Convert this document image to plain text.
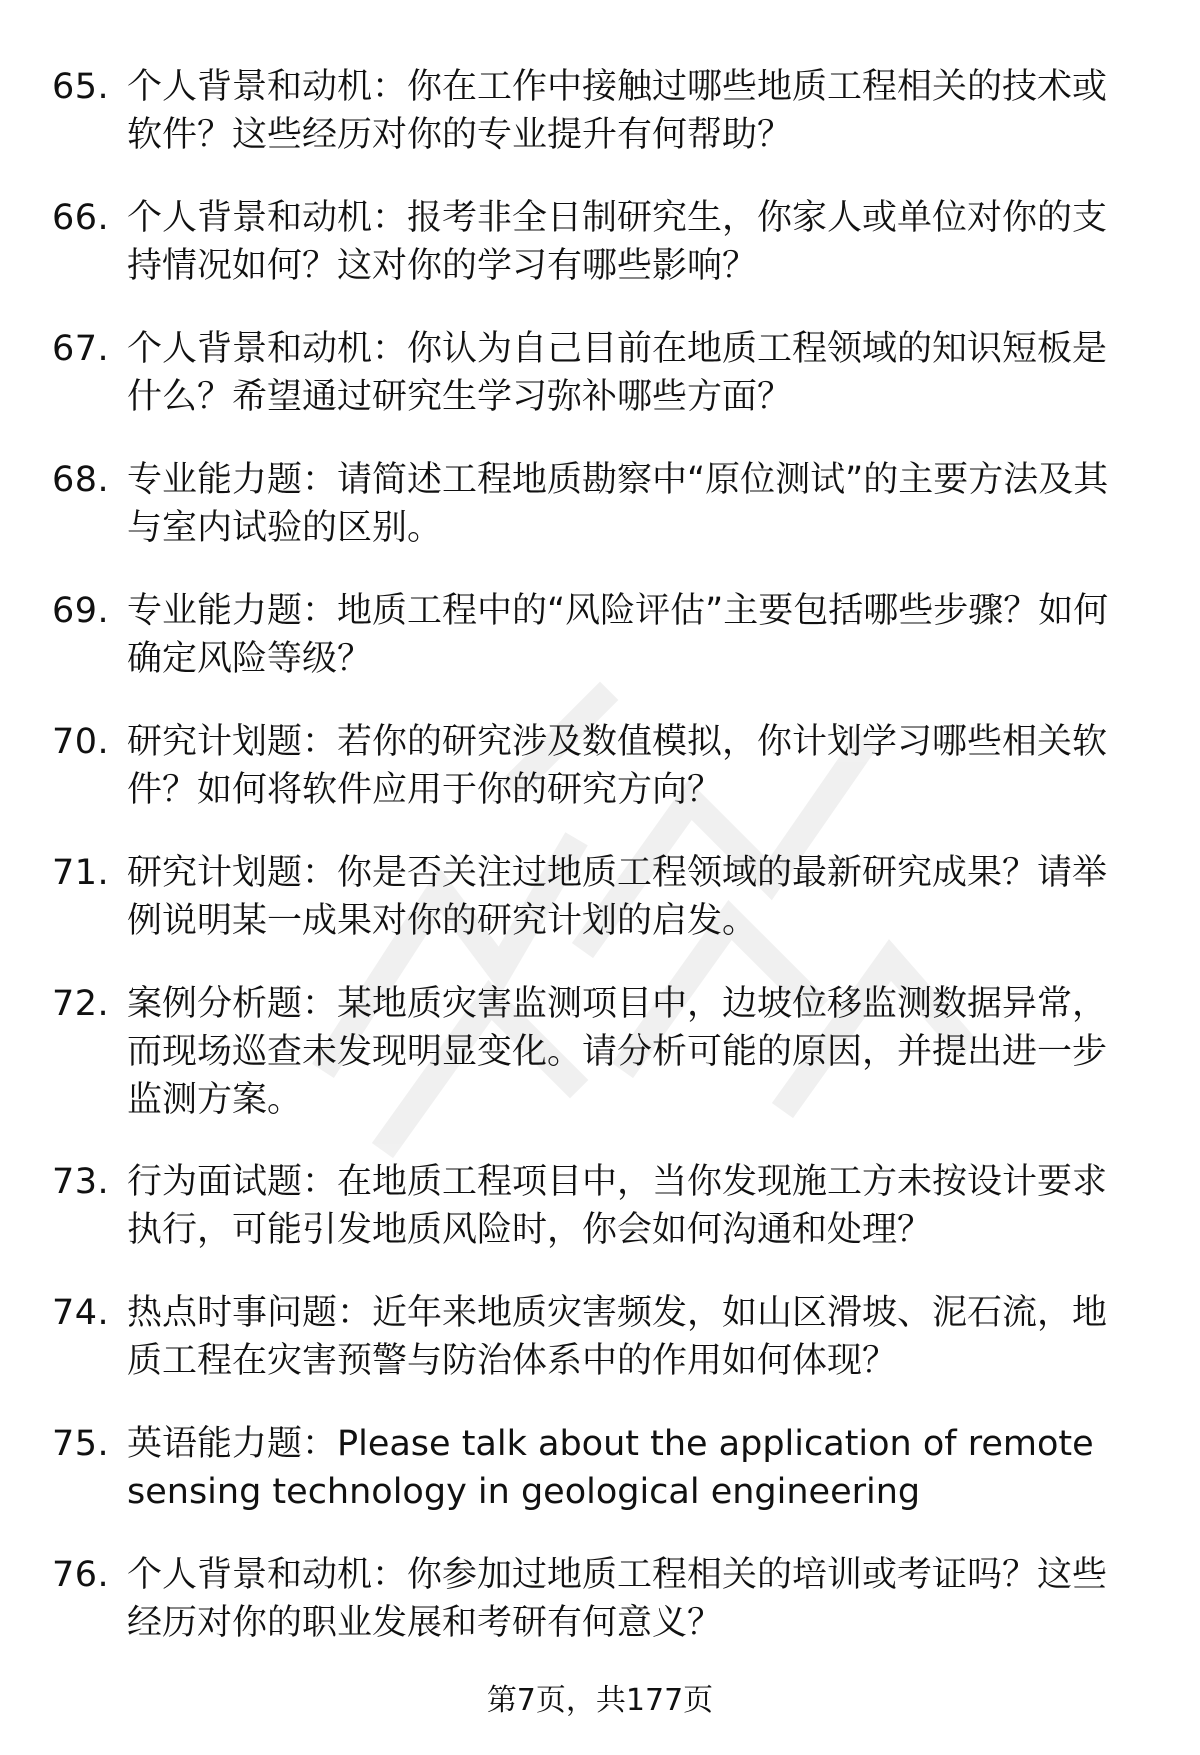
65. 个人背景和动机：你在工作中接触过哪些地质工程相关的技术或软件？这些经历对你的专业提升有何帮助？
66. 个人背景和动机：报考非全日制研究生，你家人或单位对你的支持情况如何？这对你的学习有哪些影响？
67. 个人背景和动机：你认为自己目前在地质工程领域的知识短板是什么？希望通过研究生学习弥补哪些方面？
68. 专业能力题：请简述工程地质勘察中“原位测试”的主要方法及其与室内试验的区别。
69. 专业能力题：地质工程中的“风险评估”主要包括哪些步骤？如何确定风险等级？
70. 研究计划题：若你的研究涉及数值模拟，你计划学习哪些相关软件？如何将软件应用于你的研究方向？
71. 研究计划题：你是否关注过地质工程领域的最新研究成果？请举例说明某一成果对你的研究计划的启发。
72. 案例分析题：某地质灾害监测项目中，边坡位移监测数据异常，而现场巡查未发现明显变化。请分析可能的原因，并提出进一步监测方案。
73. 行为面试题：在地质工程项目中，当你发现施工方未按设计要求执行，可能引发地质风险时，你会如何沟通和处理？
74. 热点时事问题：近年来地质灾害频发，如山区滑坡、泥石流，地质工程在灾害预警与防治体系中的作用如何体现？
75. 英语能力题：Please talk about the application of remote sensing technology in geological engineering
76. 个人背景和动机：你参加过地质工程相关的培训或考证吗？这些经历对你的职业发展和考研有何意义？
第7页，共177页
